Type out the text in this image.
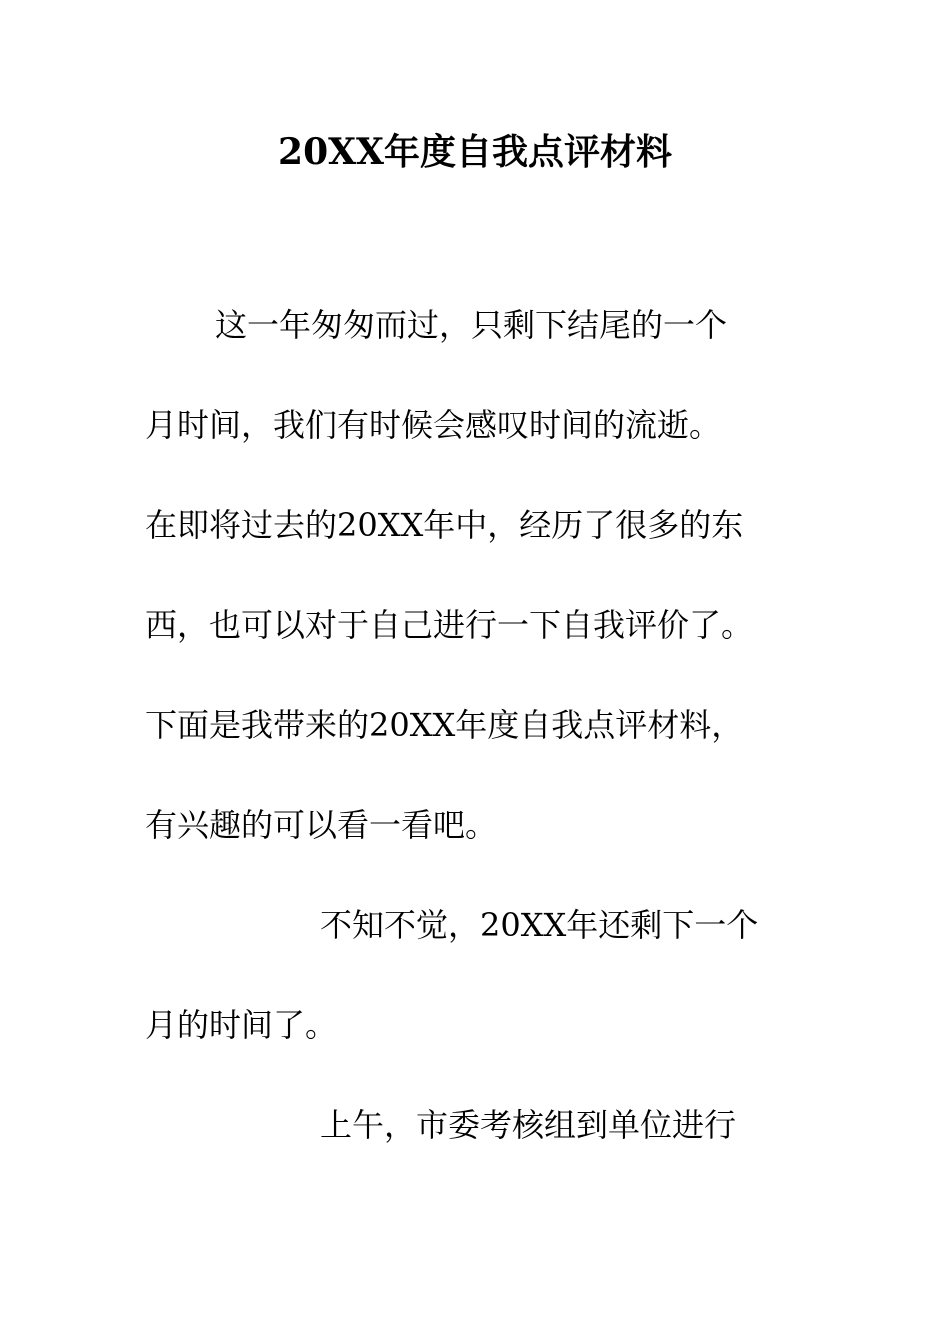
20XX年度自我点评材料
这一年匆匆而过，只剩下结尾的一个
月时间，我们有时候会感叹时间的流逝。
在即将过去的20XX年中，经历了很多的东
西，也可以对于自己进行一下自我评价了。
下面是我带来的20XX年度自我点评材料，
有兴趣的可以看一看吧。
不知不觉，20XX年还剩下一个
月的时间了。
上午，市委考核组到单位进行
